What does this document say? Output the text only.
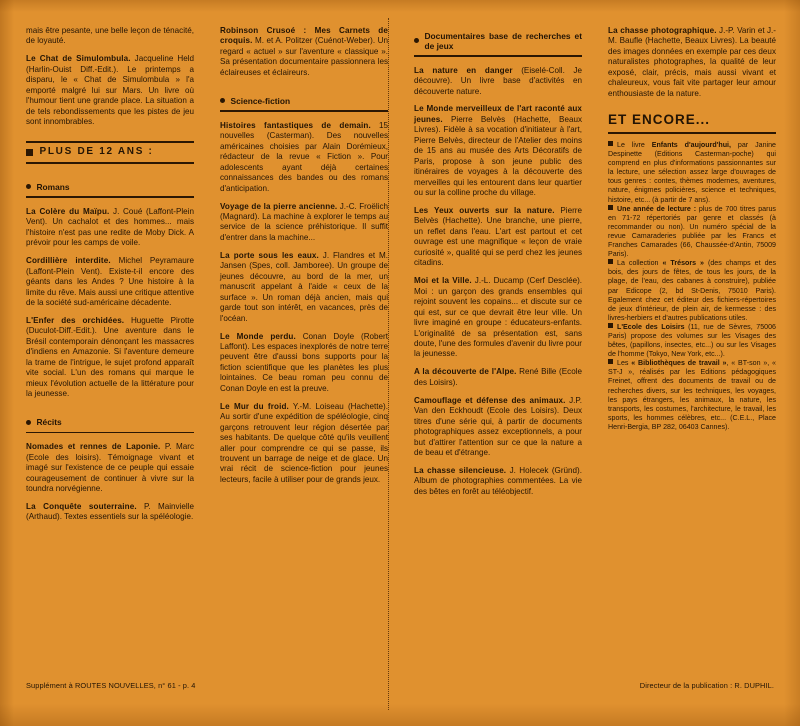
mais être pesante, une belle leçon de ténacité, de loyauté.

Le Chat de Simulombula. Jacqueline Held (Harlin-Ouist Diff.-Edit.). Le printemps a disparu, le « Chat de Simulombula » l'a emporté malgré lui sur Mars. Un livre où l'humour tient une grande place. La situation a de tels rebondissements que les pistes de jeu sont innombrables.

PLUS DE 12 ANS :
Romans

La Colère du Maïpu. J. Coué (Laffont-Plein Vent). Un cachalot et des hommes... mais l'histoire n'est pas une redite de Moby Dick. A prévoir pour les camps de voile.

Cordillière interdite. Michel Peyramaure (Laffont-Plein Vent). Existe-t-il encore des géants dans les Andes ? Une histoire à la limite du rêve. Mais aussi une critique attentive de la société sud-américaine décadente.

L'Enfer des orchidées. Huguette Pirotte (Duculot-Diff.-Edit.). Une aventure dans le Brésil contemporain dénonçant les massacres d'indiens en Amazonie. Si l'aventure demeure la trame de l'intrigue, le sujet profond apparaît vite social. L'un des romans qui marque le mieux l'évolution actuelle de la littérature pour la jeunesse.

Récits

Nomades et rennes de Laponie. P. Marc (Ecole des loisirs). Témoignage vivant et imagé sur l'existence de ce peuple qui essaie courageusement de continuer à vivre sur la toundra norvégienne.

La Conquête souterraine. P. Mainvielle (Arthaud). Textes essentiels sur la spéléologie.

Robinson Crusoé : Mes Carnets de croquis. M. et A. Politzer (Cuénot-Weber). Un regard « actuel » sur l'aventure « classique ». Sa présentation documentaire passionnera les éclaireuses et éclaireurs.

Science-fiction

Histoires fantastiques de demain. 15 nouvelles (Casterman). Des nouvelles américaines choisies par Alain Dorémieux, rédacteur de la revue « Fiction ». Pour adolescents ayant déjà certaines connaissances des bandes ou des romans d'anticipation.

Voyage de la pierre ancienne. J.-C. Froëlich (Magnard). La machine à explorer le temps au service de la science préhistorique. Il suffit d'entrer dans la machine...

La porte sous les eaux. J. Flandres et M. Jansen (Spes, coll. Jamboree). Un groupe de jeunes découvre, au bord de la mer, un manuscrit appelant à l'aide « ceux de la surface ». Un roman déjà ancien, mais qui garde tout son intérêt, en vacances, près de l'océan.

Le Monde perdu. Conan Doyle (Robert Laffont). Les espaces inexplorés de notre terre peuvent être d'aussi bons supports pour la fiction scientifique que les planètes les plus lointaines. Ce beau roman peu connu de Conan Doyle en est la preuve.

Le Mur du froid. Y.-M. Loiseau (Hachette). Au sortir d'une expédition de spéléologie, cinq garçons retrouvent leur région désertée par ses habitants. De quelque côté qu'ils veuillent aller pour comprendre ce qui se passe, ils trouvent un barrage de neige et de glace. Un vrai récit de science-fiction pour jeunes lecteurs, facile à utiliser pour de grands jeux.

Documentaires base de recherches et de jeux

La nature en danger (Eiselé-Coll. Je découvre). Un livre base d'activités en découverte nature.

Le Monde merveilleux de l'art raconté aux jeunes. Pierre Belvès (Hachette, Beaux Livres). Fidèle à sa vocation d'initiateur à l'art, Pierre Belvès, directeur de l'Atelier des moins de 15 ans au musée des Arts Décoratifs de Paris, propose à son jeune public des itinéraires de voyages à la découverte des merveilles qui les entourent dans leur quartier ou sur la colline proche du village.

Les Yeux ouverts sur la nature. Pierre Belvès (Hachette). Une branche, une pierre, un reflet dans l'eau. L'art est partout et cet ouvrage est une magnifique « leçon de vraie curiosité », qualité qui se perd chez les jeunes citadins.

Moi et la Ville. J.-L. Ducamp (Cerf Desclée). Moi : un garçon des grands ensembles qui rejoint souvent les copains... et discute sur ce qui est, sur ce que devrait être leur ville. Un livre imaginé en groupe : éducateurs-enfants. L'originalité de sa présentation est, sans doute, l'une des formules d'avenir du livre pour la jeunesse.

A la découverte de l'Alpe. René Bille (Ecole des Loisirs).

Camouflage et défense des animaux. J.P. Van den Eckhoudt (Ecole des Loisirs). Deux titres d'une série qui, à partir de documents photographiques assez exceptionnels, a pour but d'attirer l'attention sur ce que la nature a de beau et d'étrange.

La chasse silencieuse. J. Holecek (Gründ). Album de photographies commentées. La vie des bêtes en forêt au téléobjectif.

La chasse photographique. J.-P. Varin et J.-M. Baufle (Hachette, Beaux Livres). La beauté des images données en exemple par ces deux naturalistes photographes, la qualité de leur exposé, clair, précis, mais aussi vivant et chaleureux, vous fait vite partager leur amour enthousiaste de la nature.

ET ENCORE...

Le livre Enfants d'aujourd'hui, par Janine Despinette (Editions Casterman-poche) qui comprend en plus d'informations passionnantes sur la lecture, une sélection assez large d'ouvrages de tous genres : contes, thèmes modernes, aventures, nature, énigmes policières, science et techniques, histoire, etc... (à partir de 7 ans).

Une année de lecture : plus de 700 titres parus en 71-72 répertoriés par genre et classés (à recommander ou non). Un numéro spécial de la revue Camaraderies publiée par les Francs et Franches Camarades (66, Chaussée-d'Antin, 75009 Paris).

La collection « Trésors » (des champs et des bois, des jours de fêtes, de tous les jours, de la plage, de l'eau, des cabanes à construire), publiée par Edicope (2, bd St-Denis, 75010 Paris). Egalement chez cet éditeur des fichiers-répertoires de jeux d'intérieur, de plein air, de kermesse : des livres-herbiers et d'autres publications utiles.

L'Ecole des Loisirs (11, rue de Sèvres, 75006 Paris) propose des volumes sur les Visages des bêtes, (papillons, insectes, etc...) ou sur les Visages de l'homme (Tokyo, New York, etc...).

Les « Bibliothèques de travail », « BT-son », « ST-J », réalisés par les Editions pédagogiques Freinet, offrent des documents de travail ou de recherches divers, sur les techniques, les voyages, les pays étrangers, les animaux, la nature, les transports, les costumes, l'architecture, le travail, les sports, les hommes célèbres, etc... (C.E.L., Place Henri-Bergia, BP 282, 06403 Cannes).

Supplément à ROUTES NOUVELLES, n° 61 - p. 4	Directeur de la publication : R. DUPHIL.
